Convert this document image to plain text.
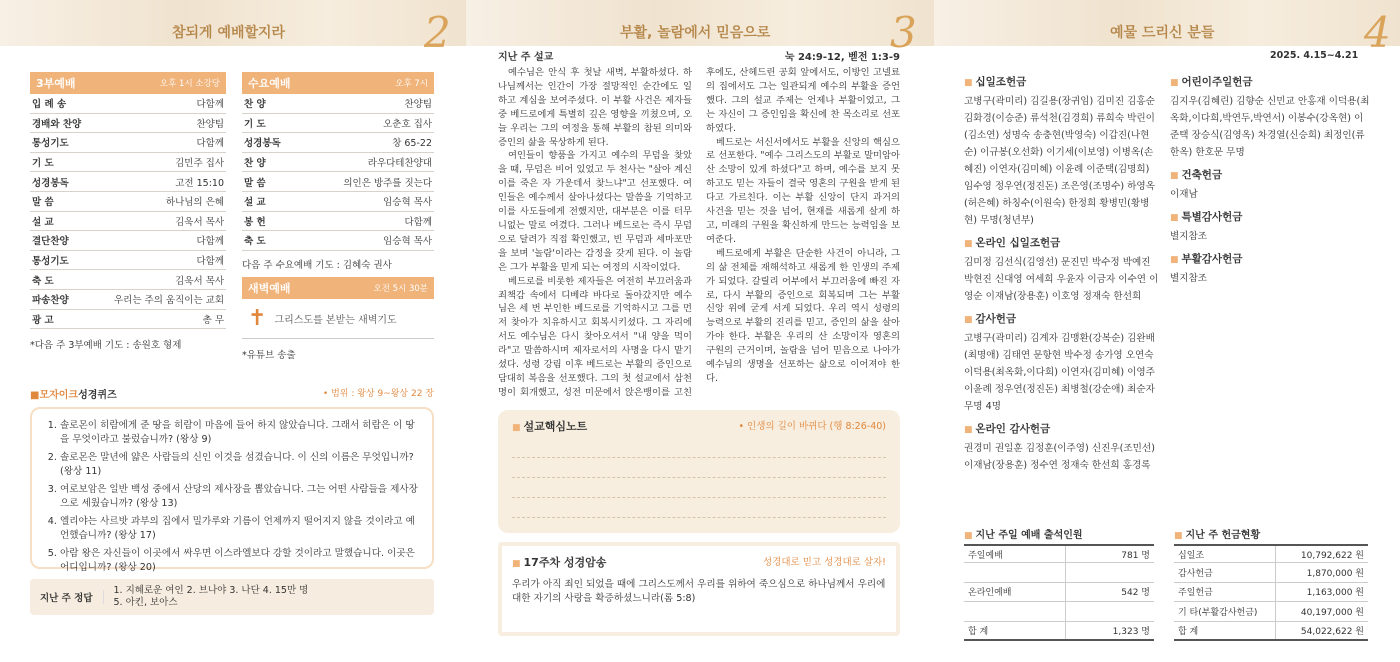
참되게 예배할지라	2	부활, 놀람에서 믿음으로	3	예물 드리신 분들	4
3부예배	오후 1시 소강당
입 례 송	다함께
경배와 찬양	찬양팀
통성기도	다함께
기 도	김민주 집사
성경봉독	고전 15:10
말 씀	하나님의 은혜
설 교	김욱서 목사
결단찬양	다함께
통성기도	다함께
축 도	김욱서 목사
파송찬양	우리는 주의 움직이는 교회
광 고	총 무
*다음 주 3부예배 기도 : 송원호 형제
수요예배	오후 7시
찬 양	찬양팀
기 도	오춘호 집사
성경봉독	창 65-22
찬 양	라우다테찬양대
말 씀	의인은 방주를 짓는다
설 교	임승혁 목사
봉 헌	다함께
축 도	임승혁 목사
다음 주 수요예배 기도 : 김혜숙 권사
새벽예배	오전 5시 30분
✝ 그리스도를 본받는 새벽기도
*유튜브 송출
■모자이크성경퀴즈	• 범위 : 왕상 9~왕상 22 장
1. 솔로몬이 히람에게 준 땅을 히람이 마음에 들어 하지 않았습니다. 그래서 히람은 이 땅을 무엇이라고 불렀습니까? (왕상 9)
2. 솔로몬은 말년에 얇은 사람들의 신인 이것을 섬겼습니다. 이 신의 이름은 무엇입니까? (왕상 11)
3. 여로보암은 일반 백성 중에서 산당의 제사장을 뽑았습니다. 그는 어떤 사람들을 제사장으로 세웠습니까? (왕상 13)
4. 엘리야는 사르밧 과부의 집에서 밀가루와 기름이 언제까지 떨어지지 않을 것이라고 예언했습니까? (왕상 17)
5. 아람 왕은 자신들이 이곳에서 싸우면 이스라엘보다 강할 것이라고 말했습니다. 이곳은 어디입니까? (왕상 20)
지난 주 정답
1. 지혜로운 여인 2. 브나야 3. 나단 4. 15만 명
5. 아킨, 보아스
지난 주 설교	눅 24:9-12, 벧전 1:3-9

예수님은 안식 후 첫날 새벽, 부활하셨다. 하나님께서는 인간이 가장 절망적인 순간에도 일하고 계심을 보여주셨다. 이 부활 사건은 제자들 중 베드로에게 특별히 깊은 영향을 끼쳤으며, 오늘 우리는 그의 여정을 통해 부활의 참된 의미와 증인의 삶을 묵상하게 된다.

여인들이 향품을 가지고 예수의 무덤을 찾았을 때, 무덤은 비어 있었고 두 천사는 "살아 계신 이를 죽은 자 가운데서 찾느냐"고 선포했다. 여인들은 예수께서 살아나셨다는 말씀을 기억하고 이를 사도들에게 전했지만, 대부분은 이를 터무니없는 말로 여겼다. 그러나 베드로는 즉시 무덤으로 달려가 직접 확인했고, 빈 무덤과 세마포만을 보며 '놀람'이라는 감정을 갖게 된다. 이 놀람은 그가 부활을 믿게 되는 여정의 시작이었다.

베드로를 비롯한 제자들은 여전히 부끄러움과 죄책감 속에서 디베랴 바다로 돌아갔지만 예수님은 세 번 부인한 베드로를 기억하시고 그를 먼저 찾아가 치유하시고 회복시키셨다. 그 자리에서도 예수님은 다시 찾아오셔서 "내 양을 먹이라"고 말씀하시며 제자로서의 사명을 다시 맡기셨다. 성령 강림 이후 베드로는 부활의 증인으로 담대히 복음을 선포했다. 그의 첫 설교에서 삼천 명이 회개했고, 성전 미문에서 앉은뱅이를 고친 후에도, 산헤드린 공회 앞에서도, 이방인 고넬료의 집에서도 그는 일관되게 예수의 부활을 증언했다. 그의 설교 주제는 언제나 부활이었고, 그는 자신이 그 증인임을 확신에 찬 목소리로 선포하였다.

베드로는 서신서에서도 부활을 신앙의 핵심으로 선포한다. "예수 그리스도의 부활로 말미암아 산 소망이 있게 하셨다"고 하며, 예수를 보지 못하고도 믿는 자들이 결국 영혼의 구원을 받게 된다고 가르친다. 이는 부활 신앙이 단지 과거의 사건을 믿는 것을 넘어, 현재를 새롭게 살게 하고, 미래의 구원을 확신하게 만드는 능력임을 보여준다.

베드로에게 부활은 단순한 사건이 아니라, 그의 삶 전체를 재해석하고 새롭게 한 인생의 주제가 되었다. 갈릴리 어부에서 부끄러움에 빠진 자로, 다시 부활의 증인으로 회복되며 그는 부활 신앙 위에 굳게 서게 되었다. 우리 역시 성령의 능력으로 부활의 진리를 믿고, 증인의 삶을 살아가야 한다. 부활은 우리의 산 소망이자 영혼의 구원의 근거이며, 놀람을 넘어 믿음으로 나아가 예수님의 생명을 선포하는 삶으로 이어져야 한다.

■ 설교핵심노트	• 인생의 길이 바뀌다 (행 8:26-40)
■ 17주차 성경암송	성경대로 믿고 성경대로 살자!
우리가 아직 죄인 되었을 때에 그리스도께서 우리를 위하여 죽으심으로 하나님께서 우리에 대한 자기의 사랑을 확증하셨느니라(롬 5:8)
2025. 4.15~4.21
■ 십일조헌금
고병구(곽미리) 김길용(장귀임) 김미진 김홍순 김화경(이승준) 류석천(김경희) 류희숙 박린이(김소연) 성명숙 송충현(박영숙) 이갑진(나현순) 이규봉(오선화) 이기세(이보영) 이병옥(손혜진) 이연자(김미혜) 이윤례 이준택(김명희) 임수영 정우연(정진돈) 조은영(조명수) 하영옥(허은혜) 하칭수(이원숙) 한정희 황병민(황병현) 무명(청년부)
■ 온라인 십일조헌금
김미정 김선식(김영선) 문진민 박수정 박예진 박현진 신대영 여세희 우윤자 이금자 이수연 이영순 이재남(장용훈) 이호영 정재숙 한선희
■ 감사헌금
고병구(곽미리) 김계자 김맹환(강복순) 김완배(최명애) 김태연 문항현 박수정 송가영 오연숙 이덕용(최옥화,이다희) 이연자(김미혜) 이영주 이윤례 정우연(정진돈) 최병철(강순애) 최순자 무명 4명
■ 온라인 감사헌금
권경미 권일훈 김정훈(이주영) 신진우(조민선) 이재남(장용훈) 정수연 정재숙 한선희 홍경록
■ 어린이주일헌금
김지우(김혜린) 김향순 신민교 안홍재 이덕용(최옥화,이다희,박연두,박연서) 이봉수(강옥현) 이준택 장승식(김영옥) 차경열(신승희) 최정인(류한옥) 한호문 무명
■ 건축헌금
이재남
■ 특별감사헌금
별지참조
■ 부활감사헌금
별지참조
■ 지난 주일 예배 출석인원
주일예배	781 명
온라인예배	542 명
합 계	1,323 명
■ 지난 주 헌금현황
십일조	10,792,622 원
감사헌금	1,870,000 원
주일헌금	1,163,000 원
기 타(부활감사헌금)	40,197,000 원
합 계	54,022,622 원
